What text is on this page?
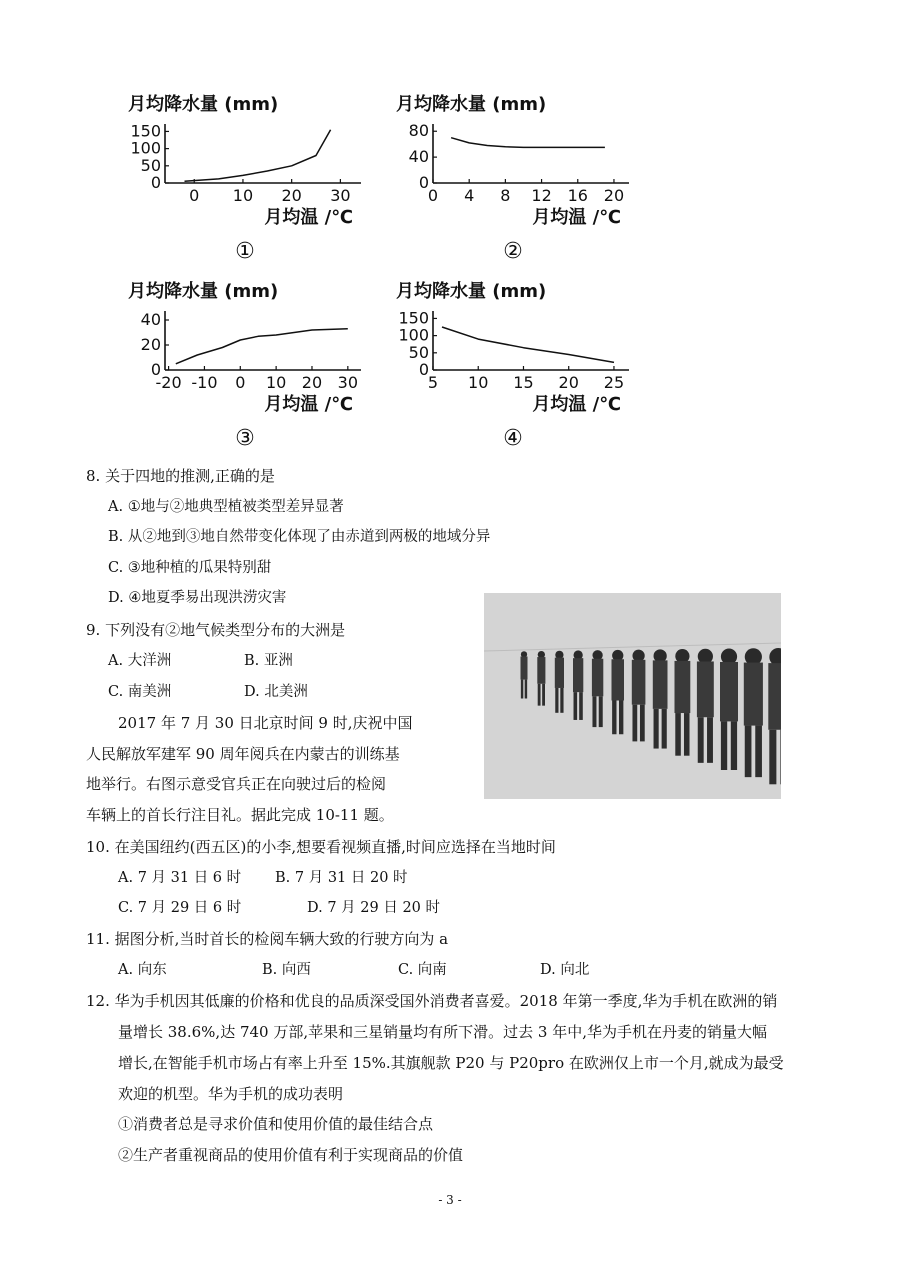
月均降水量 (mm)
150
100
50
0
0 10 20 30
月均温 /℃
①
月均降水量 (mm)
80
40
0
0 4 8 12 16 20
月均温 /℃
②
月均降水量 (mm)
40
20
0
-20 -10 0 10 20 30
月均温 /℃
③
月均降水量 (mm)
150
100
50
0
5 10 15 20 25
月均温 /℃
④
8. 关于四地的推测,正确的是
A. ①地与②地典型植被类型差异显著
B. 从②地到③地自然带变化体现了由赤道到两极的地域分异
C. ③地种植的瓜果特别甜
D. ④地夏季易出现洪涝灾害
9. 下列没有②地气候类型分布的大洲是
A. 大洋洲	B. 亚洲
C. 南美洲	D. 北美洲
2017 年 7 月 30 日北京时间 9 时,庆祝中国
人民解放军建军 90 周年阅兵在内蒙古的训练基
地举行。右图示意受官兵正在向驶过后的检阅
车辆上的首长行注目礼。据此完成 10-11 题。
10. 在美国纽约(西五区)的小李,想要看视频直播,时间应选择在当地时间
A. 7 月 31 日 6 时 B. 7 月 31 日 20 时
C. 7 月 29 日 6 时	D. 7 月 29 日 20 时
11. 据图分析,当时首长的检阅车辆大致的行驶方向为 a
A. 向东	B. 向西	C. 向南	D. 向北
12. 华为手机因其低廉的价格和优良的品质深受国外消费者喜爱。2018 年第一季度,华为手机在欧洲的销
量增长 38.6%,达 740 万部,苹果和三星销量均有所下滑。过去 3 年中,华为手机在丹麦的销量大幅
增长,在智能手机市场占有率上升至 15%.其旗舰款 P20 与 P20pro 在欧洲仅上市一个月,就成为最受
欢迎的机型。华为手机的成功表明
①消费者总是寻求价值和使用价值的最佳结合点
②生产者重视商品的使用价值有利于实现商品的价值
- 3 -
